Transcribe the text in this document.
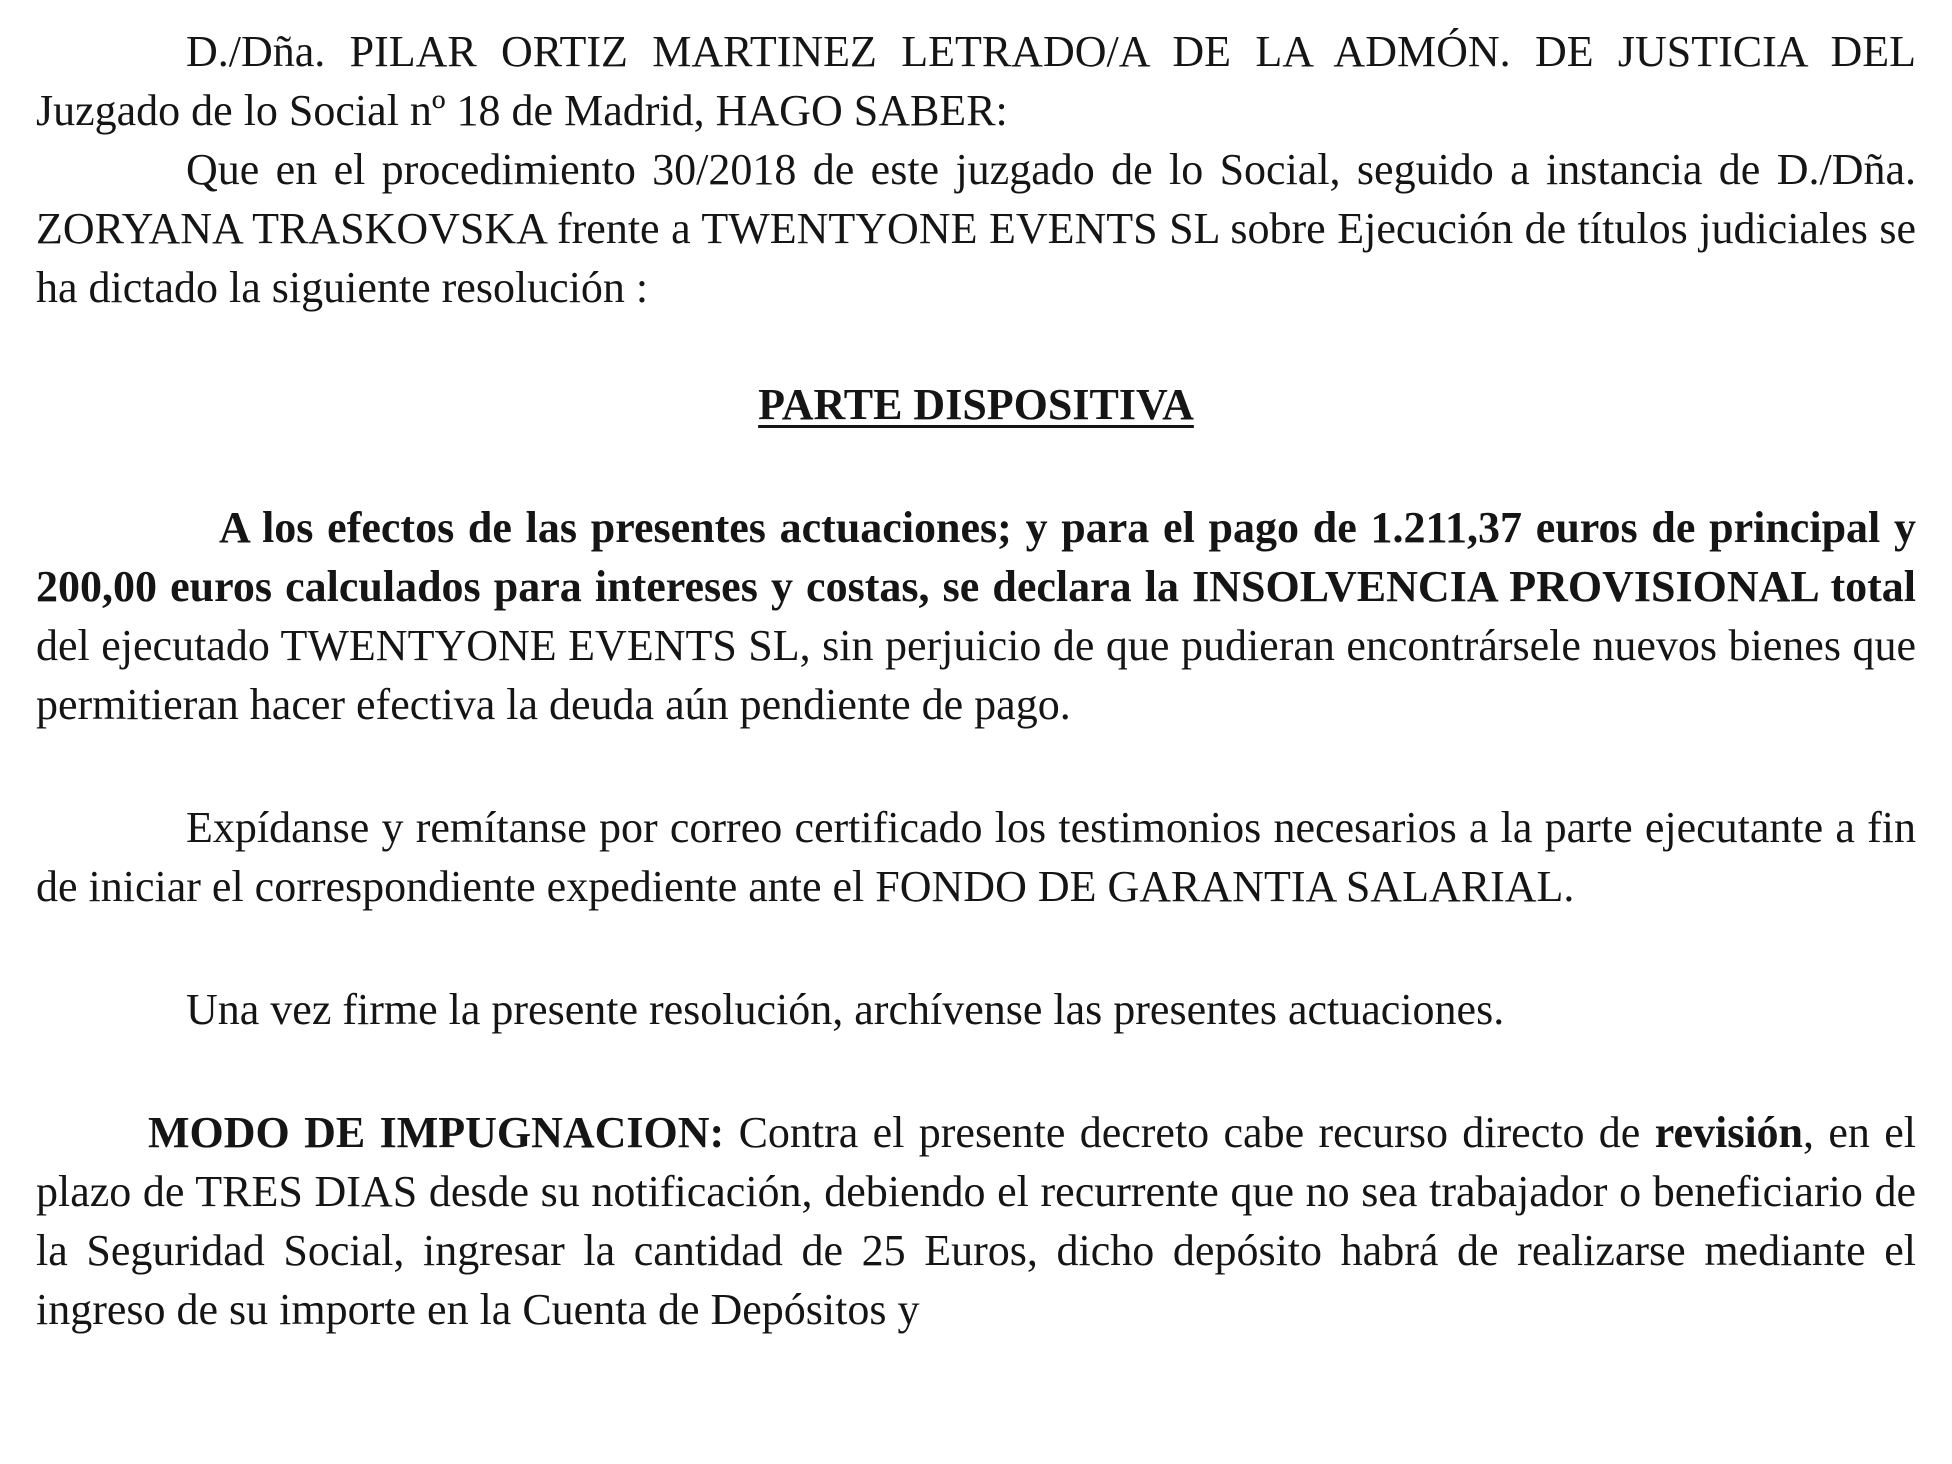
D./Dña. PILAR ORTIZ MARTINEZ LETRADO/A DE LA ADMÓN. DE JUSTICIA DEL Juzgado de lo Social nº 18 de Madrid, HAGO SABER:

Que en el procedimiento 30/2018 de este juzgado de lo Social, seguido a instancia de D./Dña. ZORYANA TRASKOVSKA frente a TWENTYONE EVENTS SL sobre Ejecución de títulos judiciales se ha dictado la siguiente resolución :

PARTE DISPOSITIVA

A los efectos de las presentes actuaciones; y para el pago de 1.211,37 euros de principal y 200,00 euros calculados para intereses y costas, se declara la INSOLVENCIA PROVISIONAL total del ejecutado TWENTYONE EVENTS SL, sin perjuicio de que pudieran encontrársele nuevos bienes que permitieran hacer efectiva la deuda aún pendiente de pago.

Expídanse y remítanse por correo certificado los testimonios necesarios a la parte ejecutante a fin de iniciar el correspondiente expediente ante el FONDO DE GARANTIA SALARIAL.

Una vez firme la presente resolución, archívense las presentes actuaciones.

MODO DE IMPUGNACION: Contra el presente decreto cabe recurso directo de revisión, en el plazo de TRES DIAS desde su notificación, debiendo el recurrente que no sea trabajador o beneficiario de la Seguridad Social, ingresar la cantidad de 25 Euros, dicho depósito habrá de realizarse mediante el ingreso de su importe en la Cuenta de Depósitos y
